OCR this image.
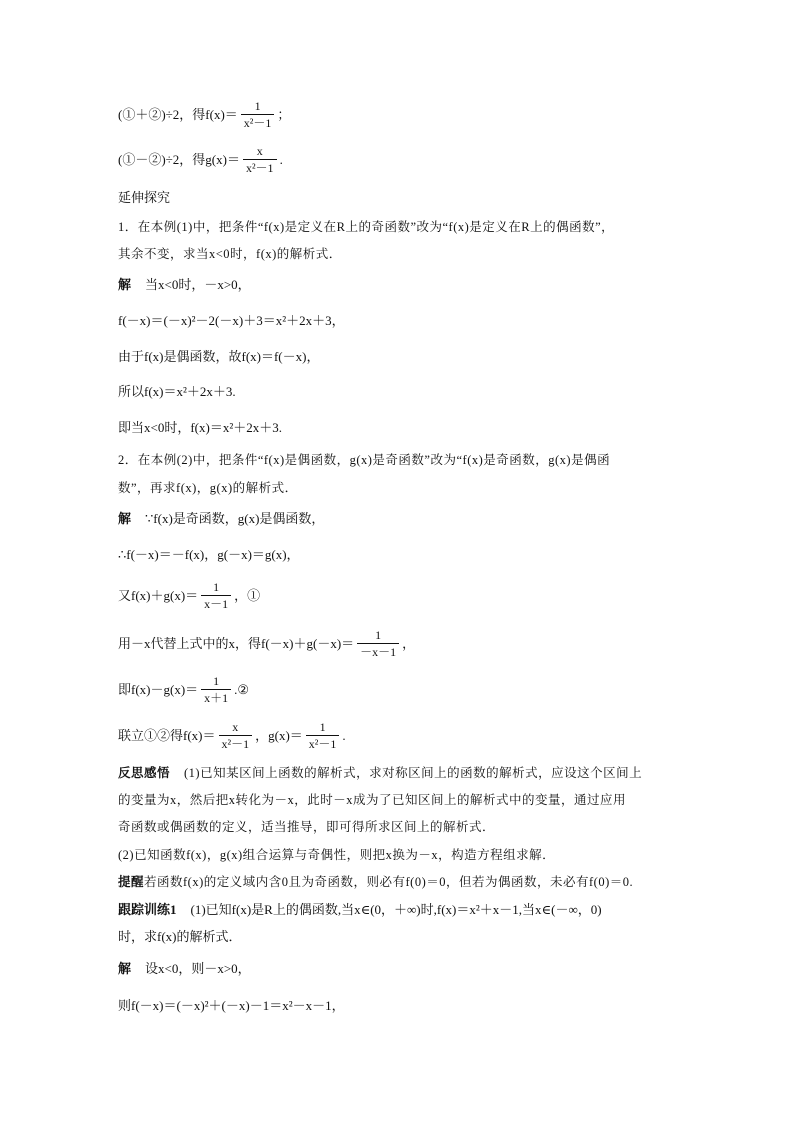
(①＋②)÷2，得$f(x)= \frac{1}{\text{x²－1}}$ ；
(①－②)÷2，得$g(x)= \frac{x}{\text{x²－1}}$ .
延伸探究
1．在本例(1)中，把条件“f(x)是定义在R上的奇函数”改为“f(x)是定义在R上的偶函数”，
其余不变，求当x<0时，f(x)的解析式．
解 当x<0时，－x>0，
f(－x)＝(－x)²－2(－x)＋3＝x²＋2x＋3，
由于f(x)是偶函数，故f(x)＝f(－x)，
所以f(x)＝x²＋2x＋3.
即当x<0时，f(x)＝x²＋2x＋3.
2．在本例(2)中，把条件“f(x)是偶函数，g(x)是奇函数”改为“f(x)是奇函数，g(x)是偶函
数”，再求f(x)，g(x)的解析式．
解 ∵f(x)是奇函数，g(x)是偶函数，
∴f(－x)＝－f(x)，g(－x)＝g(x)，
又$f(x)+g(x)= \frac{1}{x-1}$ ，①
用－x代替上式中的x，得$f(-x)+g(-x)= \frac{1}{-x-1}$ ，
即$f(x)-g(x)= \frac{1}{x+1}$ .②
联立①②得$f(x)= \frac{x}{\text{x²－1}}$ ，$g(x)= \frac{1}{\text{x²－1}}$ .
反思感悟 (1)已知某区间上函数的解析式，求对称区间上的函数的解析式，应设这个区间上
的变量为x，然后把x转化为－x，此时－x成为了已知区间上的解析式中的变量，通过应用
奇函数或偶函数的定义，适当推导，即可得所求区间上的解析式．
(2)已知函数f(x)，g(x)组合运算与奇偶性，则把x换为－x，构造方程组求解．
提醒 若函数f(x)的定义域内含0且为奇函数，则必有f(0)＝0，但若为偶函数，未必有f(0)＝0.
跟踪训练1 (1)已知f(x)是R上的偶函数,当x∈(0，＋∞)时,f(x)＝x²＋x－1,当x∈(－∞，0)
时，求f(x)的解析式．
解 设x<0，则－x>0，
则f(－x)＝(－x)²＋(－x)－1＝x²－x－1，
